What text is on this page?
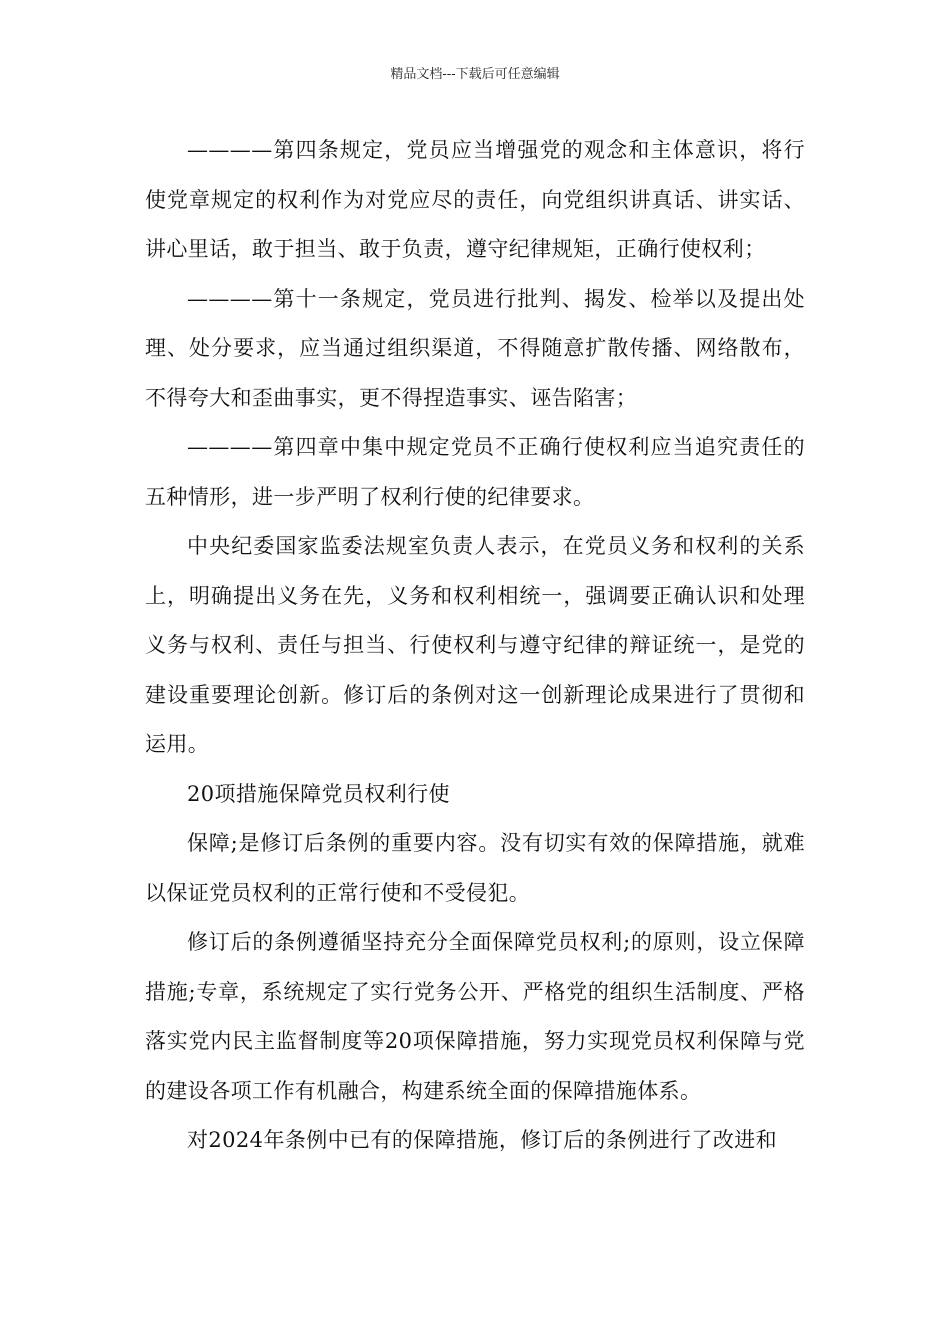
精品文档---下载后可任意编辑

————第四条规定，党员应当增强党的观念和主体意识，将行使党章规定的权利作为对党应尽的责任，向党组织讲真话、讲实话、讲心里话，敢于担当、敢于负责，遵守纪律规矩，正确行使权利；

————第十一条规定，党员进行批判、揭发、检举以及提出处理、处分要求，应当通过组织渠道，不得随意扩散传播、网络散布，不得夸大和歪曲事实，更不得捏造事实、诬告陷害；

————第四章中集中规定党员不正确行使权利应当追究责任的五种情形，进一步严明了权利行使的纪律要求。

中央纪委国家监委法规室负责人表示，在党员义务和权利的关系上，明确提出义务在先，义务和权利相统一，强调要正确认识和处理义务与权利、责任与担当、行使权利与遵守纪律的辩证统一，是党的建设重要理论创新。修订后的条例对这一创新理论成果进行了贯彻和运用。

20项措施保障党员权利行使

保障;是修订后条例的重要内容。没有切实有效的保障措施，就难以保证党员权利的正常行使和不受侵犯。

修订后的条例遵循坚持充分全面保障党员权利;的原则，设立保障措施;专章，系统规定了实行党务公开、严格党的组织生活制度、严格落实党内民主监督制度等20项保障措施，努力实现党员权利保障与党的建设各项工作有机融合，构建系统全面的保障措施体系。

对2024年条例中已有的保障措施，修订后的条例进行了改进和
